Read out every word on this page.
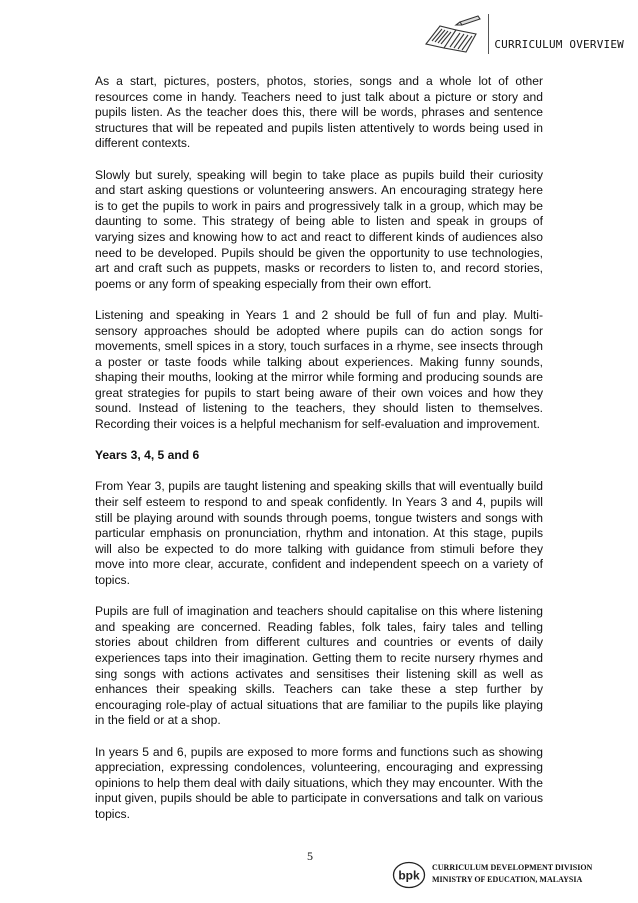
CURRICULUM OVERVIEW

As a start, pictures, posters, photos, stories, songs and a whole lot of other resources come in handy. Teachers need to just talk about a picture or story and pupils listen. As the teacher does this, there will be words, phrases and sentence structures that will be repeated and pupils listen attentively to words being used in different contexts.

Slowly but surely, speaking will begin to take place as pupils build their curiosity and start asking questions or volunteering answers. An encouraging strategy here is to get the pupils to work in pairs and progressively talk in a group, which may be daunting to some. This strategy of being able to listen and speak in groups of varying sizes and knowing how to act and react to different kinds of audiences also need to be developed. Pupils should be given the opportunity to use technologies, art and craft such as puppets, masks or recorders to listen to, and record stories, poems or any form of speaking especially from their own effort.

Listening and speaking in Years 1 and 2 should be full of fun and play. Multi-sensory approaches should be adopted where pupils can do action songs for movements, smell spices in a story, touch surfaces in a rhyme, see insects through a poster or taste foods while talking about experiences. Making funny sounds, shaping their mouths, looking at the mirror while forming and producing sounds are great strategies for pupils to start being aware of their own voices and how they sound. Instead of listening to the teachers, they should listen to themselves. Recording their voices is a helpful mechanism for self-evaluation and improvement.

Years 3, 4, 5 and 6

From Year 3, pupils are taught listening and speaking skills that will eventually build their self esteem to respond to and speak confidently. In Years 3 and 4, pupils will still be playing around with sounds through poems, tongue twisters and songs with particular emphasis on pronunciation, rhythm and intonation. At this stage, pupils will also be expected to do more talking with guidance from stimuli before they move into more clear, accurate, confident and independent speech on a variety of topics.

Pupils are full of imagination and teachers should capitalise on this where listening and speaking are concerned. Reading fables, folk tales, fairy tales and telling stories about children from different cultures and countries or events of daily experiences taps into their imagination. Getting them to recite nursery rhymes and sing songs with actions activates and sensitises their listening skill as well as enhances their speaking skills. Teachers can take these a step further by encouraging role-play of actual situations that are familiar to the pupils like playing in the field or at a shop.

In years 5 and 6, pupils are exposed to more forms and functions such as showing appreciation, expressing condolences, volunteering, encouraging and expressing opinions to help them deal with daily situations, which they may encounter. With the input given, pupils should be able to participate in conversations and talk on various topics.

5
bpk
CURRICULUM DEVELOPMENT DIVISION
MINISTRY OF EDUCATION, MALAYSIA
